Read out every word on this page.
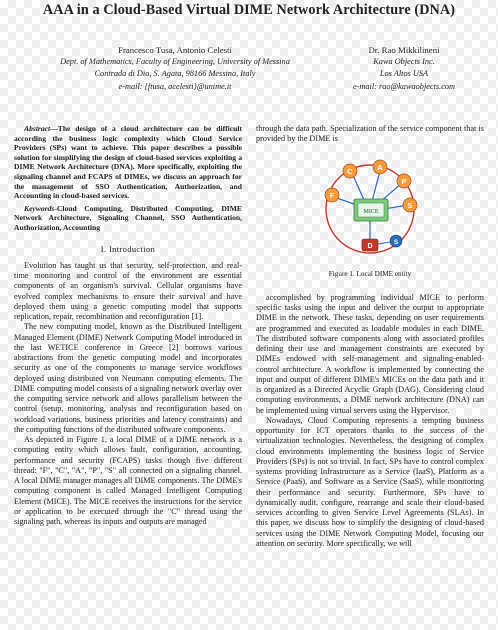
AAA in a Cloud-Based Virtual DIME Network Architecture (DNA)
Francesco Tusa, Antonio Celesti
Dept. of Mathematics, Faculty of Engineering, University of Messina
Contrada di Dio, S. Agata, 98166 Messina, Italy
e-mail: {ftusa, acelesti}@unime.it
Dr. Rao Mikkilineni
Kawa Objects Inc.
Los Altos USA
e-mail: rao@kawaobjects.com

Abstract—The design of a cloud architecture can be difficult according the business logic complexity which Cloud Service Providers (SPs) want to achieve. This paper describes a possible solution for simplifying the design of cloud-based services exploiting a DIME Network Architecture (DNA). More specifically, exploiting the signaling channel and FCAPS of DIMEs, we discuss an approach for the management of SSO Authentication, Authorization, and Accounting in cloud-based services.

Keywords-Cloud Computing, Distributed Computing, DIME Network Architecture, Signaling Channel, SSO Authentication, Authorization, Accounting

I. Introduction

Evolution has taught us that security, self-protection, and real-time monitoring and control of the environment are essential components of an organism's survival. Cellular organisms have evolved complex mechanisms to ensure their survival and have deployed them using a genetic computing model that supports replication, repair, recombination and reconfiguration [1].

The new computing model, known as the Distributed Intelligent Managed Element (DIME) Network Computing Model introduced in the last WETICE conference in Greece [2] borrows various abstractions from the genetic computing model and incorporates security as one of the components to manage service workflows deployed using distributed von Neumann computing elements. The DIME computing model consists of a signaling network overlay over the computing service network and allows parallelism between the control (setup, monitoring, analysis and reconfiguration based on workload variations, business priorities and latency constraints) and the computing functions of the distributed software components.

As depicted in Figure 1, a local DIME of a DIME network is a computing entity which allows fault, configuration, accounting, performance and security (FCAPS) tasks though five different thread: "F", "C", "A", "P", "S" all connected on a signaling channel. A local DIME manager manages all DIME components. The DIME's computing component is called Managed Intelligent Computing Element (MICE). The MICE receives the instructions for the service or application to be executed through the "C" thread using the signaling path, whereas its inputs and outputs are managed

through the data path. Specialization of the service component that is provided by the DIME is

MICE
F
C	A
P
S
D
S

Figure 1. Local DIME entity

accomplished by programming individual MICE to perform specific tasks using the input and deliver the output to appropriate DIME in the network. These tasks, depending on user requirements are programmed and executed as loadable modules in each DIME. The distributed software components along with associated profiles defining their use and management constraints are executed by DIMEs endowed with self-management and signaling-enabled-control architecture. A workflow is implemented by connecting the input and output of different DIME's MICEs on the data path and it is organized as a Directed Acyclic Graph (DAG). Considering cloud computing environments, a DIME network architecture (DNA) can be implemented using virtual servers using the Hypervisor.

Nowadays, Cloud Computing represents a tempting business opportunity for ICT operators thanks to the success of the virtualization technologies. Nevertheless, the designing of complex cloud environments implementing the business logic of Service Providers (SPs) is not so trivial. In fact, SPs have to control complex systems providing Infrastructure as a Service (IaaS), Platform as a Service (PaaS), and Software as a Service (SaaS), while monitoring their performance and security. Furthermore, SPs have to dynamically audit, configure, rearrange and scale their cloud-based services according to given Service Level Agreements (SLAs). In this paper, we discuss how to simplify the designing of cloud-based services using the DIME Network Computing Model, focusing our attention on security. More specifically, we will
